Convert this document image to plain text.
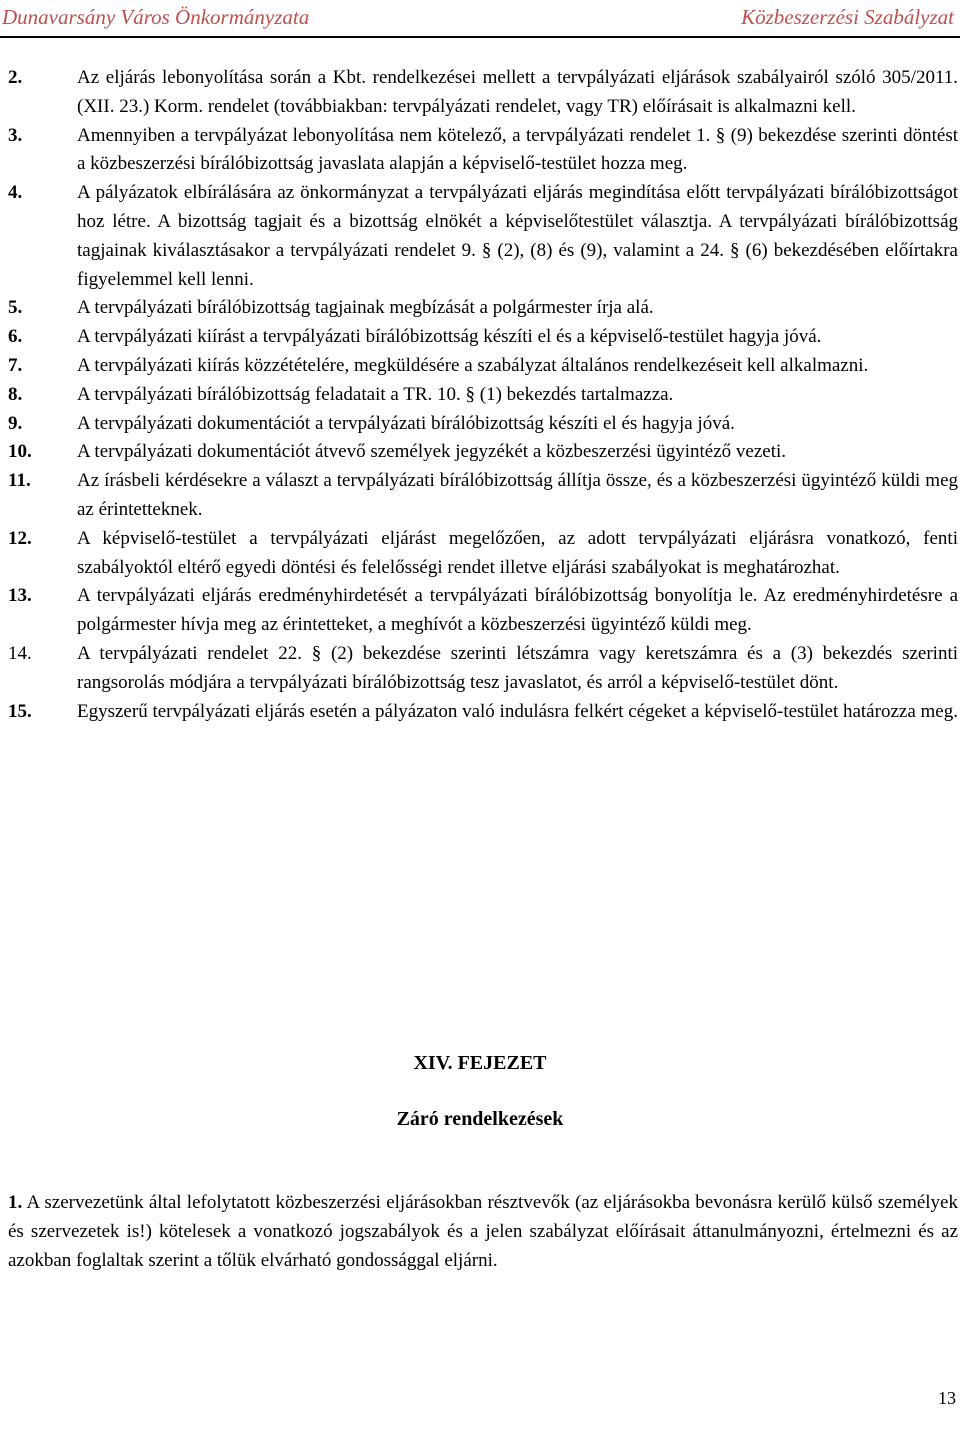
Dunavarsány Város Önkormányzata	Közbeszerzési Szabályzat
2.	Az eljárás lebonyolítása során a Kbt. rendelkezései mellett a tervpályázati eljárások szabályairól szóló 305/2011. (XII. 23.) Korm. rendelet (továbbiakban: tervpályázati rendelet, vagy TR) előírásait is alkalmazni kell.
3.	Amennyiben a tervpályázat lebonyolítása nem kötelező, a tervpályázati rendelet 1. § (9) bekezdése szerinti döntést a közbeszerzési bírálóbizottság javaslata alapján a képviselő-testület hozza meg.
4.	A pályázatok elbírálására az önkormányzat a tervpályázati eljárás megindítása előtt tervpályázati bírálóbizottságot hoz létre. A bizottság tagjait és a bizottság elnökét a képviselőtestület választja. A tervpályázati bírálóbizottság tagjainak kiválasztásakor a tervpályázati rendelet 9. § (2), (8) és (9), valamint a 24. § (6) bekezdésében előírtakra figyelemmel kell lenni.
5.	A tervpályázati bírálóbizottság tagjainak megbízását a polgármester írja alá.
6.	A tervpályázati kiírást a tervpályázati bírálóbizottság készíti el és a képviselő-testület hagyja jóvá.
7.	A tervpályázati kiírás közzétételére, megküldésére a szabályzat általános rendelkezéseit kell alkalmazni.
8.	A tervpályázati bírálóbizottság feladatait a TR. 10. § (1) bekezdés tartalmazza.
9.	A tervpályázati dokumentációt a tervpályázati bírálóbizottság készíti el és hagyja jóvá.
10.	A tervpályázati dokumentációt átvevő személyek jegyzékét a közbeszerzési ügyintéző vezeti.
11.	Az írásbeli kérdésekre a választ a tervpályázati bírálóbizottság állítja össze, és a közbeszerzési ügyintéző küldi meg az érintetteknek.
12.	A képviselő-testület a tervpályázati eljárást megelőzően, az adott tervpályázati eljárásra vonatkozó, fenti szabályoktól eltérő egyedi döntési és felelősségi rendet illetve eljárási szabályokat is meghatározhat.
13.	A tervpályázati eljárás eredményhirdetését a tervpályázati bírálóbizottság bonyolítja le. Az eredményhirdetésre a polgármester hívja meg az érintetteket, a meghívót a közbeszerzési ügyintéző küldi meg.
14.	A tervpályázati rendelet 22. § (2) bekezdése szerinti létszámra vagy keretszámra és a (3) bekezdés szerinti rangsorolás módjára a tervpályázati bírálóbizottság tesz javaslatot, és arról a képviselő-testület dönt.
15.	Egyszerű tervpályázati eljárás esetén a pályázaton való indulásra felkért cégeket a képviselő-testület határozza meg.
XIV. FEJEZET
Záró rendelkezések
1. A szervezetünk által lefolytatott közbeszerzési eljárásokban résztvevők (az eljárásokba bevonásra kerülő külső személyek és szervezetek is!) kötelesek a vonatkozó jogszabályok és a jelen szabályzat előírásait áttanulmányozni, értelmezni és az azokban foglaltak szerint a tőlük elvárható gondossággal eljárni.
13
